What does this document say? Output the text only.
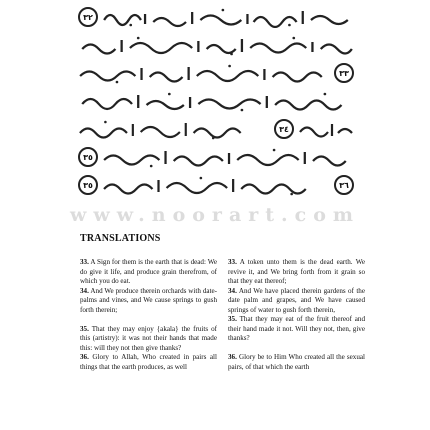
٣٢
٣٣
٣٤
٣٥
٣٥	٣٦
www.noorart.com
TRANSLATIONS

33. A Sign for them is the earth that is dead: We do give it life, and produce grain therefrom, of which you do eat.

34. And We produce therein orchards with date-palms and vines, and We cause springs to gush forth therein;

35. That they may enjoy {akala} the fruits of this (artistry): it was not their hands that made this: will they not then give thanks?

36. Glory to Allah, Who created in pairs all things that the earth produces, as well

33. A token unto them is the dead earth. We revive it, and We bring forth from it grain so that they eat thereof;

34. And We have placed therein gardens of the date palm and grapes, and We have caused springs of water to gush forth therein,

35. That they may eat of the fruit thereof and their hand made it not. Will they not, then, give thanks?

36. Glory be to Him Who created all the sexual pairs, of that which the earth
